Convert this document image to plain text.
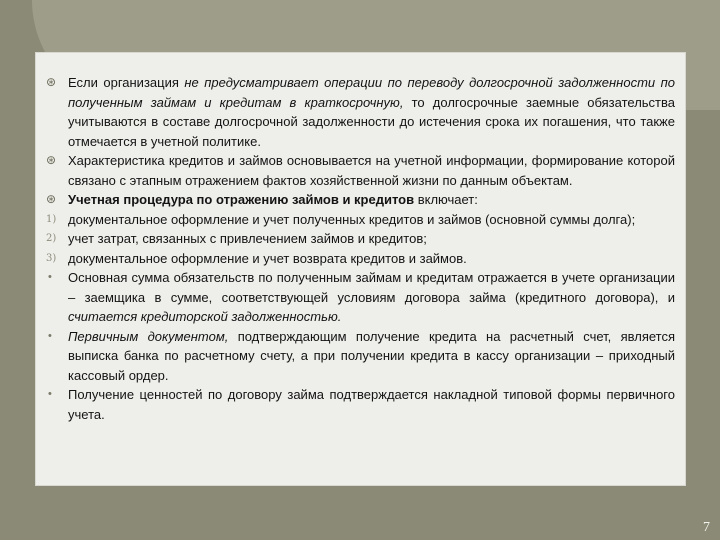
⊛ Если организация не предусматривает операции по переводу долгосрочной задолженности по полученным займам и кредитам в краткосрочную, то долгосрочные заемные обязательства учитываются в составе долгосрочной задолженности до истечения срока их погашения, что также отмечается в учетной политике.
⊛ Характеристика кредитов и займов основывается на учетной информации, формирование которой связано с этапным отражением фактов хозяйственной жизни по данным объектам.
⊛ Учетная процедура по отражению займов и кредитов включает:
1) документальное оформление и учет полученных кредитов и займов (основной суммы долга);
2) учет затрат, связанных с привлечением займов и кредитов;
3) документальное оформление и учет возврата кредитов и займов.
• Основная сумма обязательств по полученным займам и кредитам отражается в учете организации – заемщика в сумме, соответствующей условиям договора займа (кредитного договора), и считается кредиторской задолженностью.
• Первичным документом, подтверждающим получение кредита на расчетный счет, является выписка банка по расчетному счету, а при получении кредита в кассу организации – приходный кассовый ордер.
• Получение ценностей по договору займа подтверждается накладной типовой формы первичного учета.
7
